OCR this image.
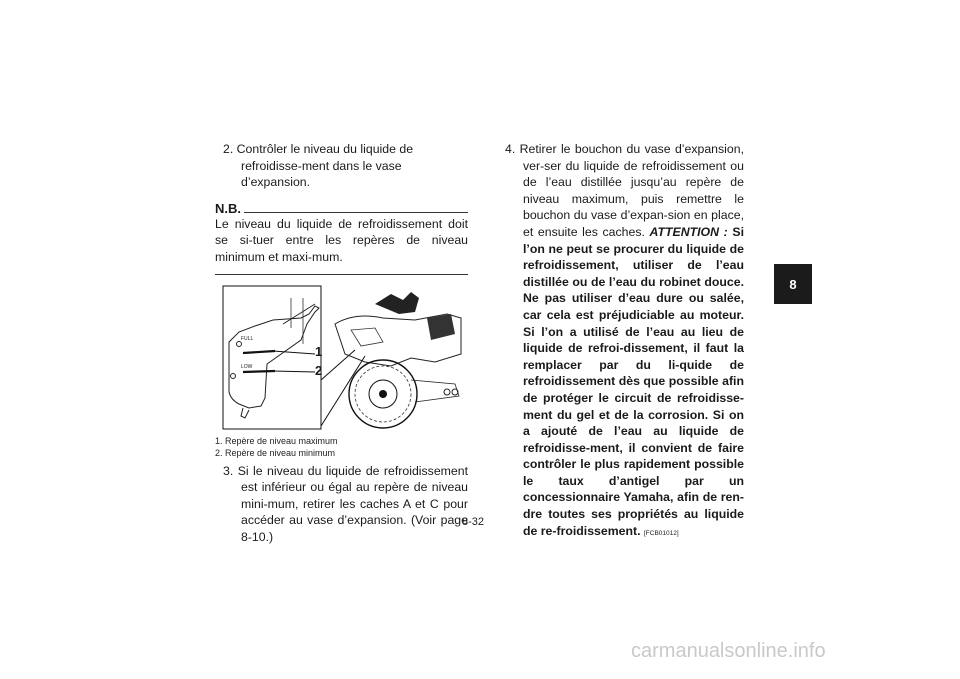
2. Contrôler le niveau du liquide de refroidisse-ment dans le vase d’expansion.
N.B.
Le niveau du liquide de refroidissement doit se si-tuer entre les repères de niveau minimum et maxi-mum.
FULL
LOW
1
2
1. Repère de niveau maximum
2. Repère de niveau minimum
3. Si le niveau du liquide de refroidissement est inférieur ou égal au repère de niveau mini-mum, retirer les caches A et C pour accéder au vase d’expansion. (Voir page 8-10.)
4. Retirer le bouchon du vase d’expansion, ver-ser du liquide de refroidissement ou de l’eau distillée jusqu’au repère de niveau maximum, puis remettre le bouchon du vase d’expan-sion en place, et ensuite les caches. ATTENTION : Si l’on ne peut se procurer du liquide de refroidissement, utiliser de l’eau distillée ou de l’eau du robinet douce. Ne pas utiliser d’eau dure ou salée, car cela est préjudiciable au moteur. Si l’on a utilisé de l’eau au lieu de liquide de refroi-dissement, il faut la remplacer par du li-quide de refroidissement dès que possible afin de protéger le circuit de refroidisse-ment du gel et de la corrosion. Si on a ajouté de l’eau au liquide de refroidisse-ment, il convient de faire contrôler le plus rapidement possible le taux d’antigel par un concessionnaire Yamaha, afin de ren-dre toutes ses propriétés au liquide de re-froidissement. [FCB01012]
8
8-32
carmanualsonline.info
